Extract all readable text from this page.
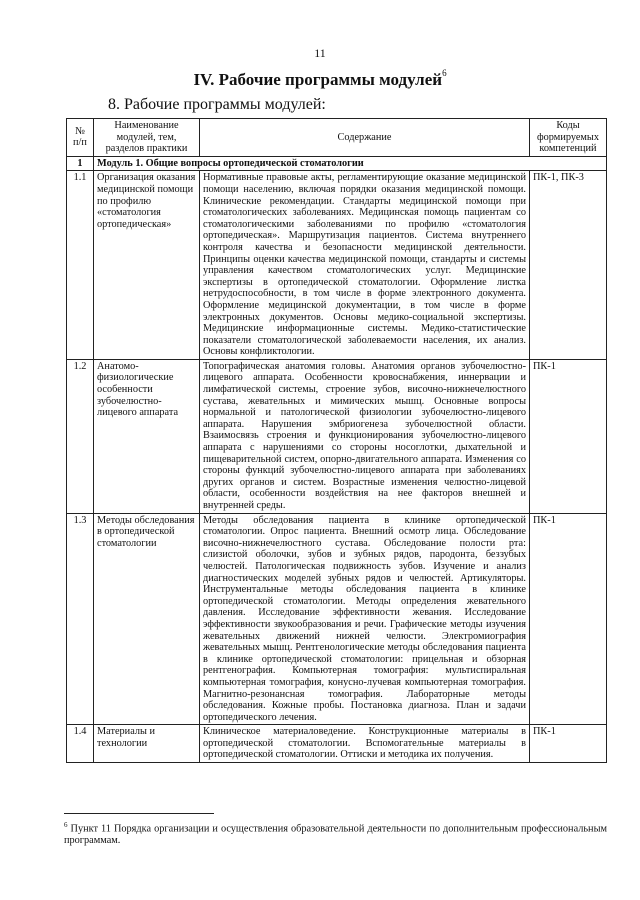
11
IV. Рабочие программы модулей$^6$
8. Рабочие программы модулей:
№ п/п	Наименование модулей, тем, разделов практики	Содержание	Коды формируемых компетенций
1	Модуль 1. Общие вопросы ортопедической стоматологии		
1.1	Организация оказания медицинской помощи по профилю «стоматология ортопедическая»	Нормативные правовые акты, регламентирующие оказание медицинской помощи населению, включая порядки оказания медицинской помощи. Клинические рекомендации. Стандарты медицинской помощи при стоматологических заболеваниях. Медицинская помощь пациентам со стоматологическими заболеваниями по профилю «стоматология ортопедическая». Маршрутизация пациентов. Система внутреннего контроля качества и безопасности медицинской деятельности. Принципы оценки качества медицинской помощи, стандарты и системы управления качеством стоматологических услуг. Медицинские экспертизы в ортопедической стоматологии. Оформление листка нетрудоспособности, в том числе в форме электронного документа. Оформление медицинской документации, в том числе в форме электронных документов. Основы медико-социальной экспертизы. Медицинские информационные системы. Медико-статистические показатели стоматологической заболеваемости населения, их анализ. Основы конфликтологии.	ПК-1, ПК-3
1.2	Анатомо-физиологические особенности зубочелюстно-лицевого аппарата	Топографическая анатомия головы. Анатомия органов зубочелюстно-лицевого аппарата. Особенности кровоснабжения, иннервации и лимфатической системы, строение зубов, височно-нижнечелюстного сустава, жевательных и мимических мышц. Основные вопросы нормальной и патологической физиологии зубочелюстно-лицевого аппарата. Нарушения эмбриогенеза зубочелюстной области. Взаимосвязь строения и функционирования зубочелюстно-лицевого аппарата с нарушениями со стороны носоглотки, дыхательной и пищеварительной систем, опорно-двигательного аппарата. Изменения со стороны функций зубочелюстно-лицевого аппарата при заболеваниях других органов и систем. Возрастные изменения челюстно-лицевой области, особенности воздействия на нее факторов внешней и внутренней среды.	ПК-1
1.3	Методы обследования в ортопедической стоматологии	Методы обследования пациента в клинике ортопедической стоматологии. Опрос пациента. Внешний осмотр лица. Обследование височно-нижнечелюстного сустава. Обследование полости рта: слизистой оболочки, зубов и зубных рядов, пародонта, беззубых челюстей. Патологическая подвижность зубов. Изучение и анализ диагностических моделей зубных рядов и челюстей. Артикуляторы. Инструментальные методы обследования пациента в клинике ортопедической стоматологии. Методы определения жевательного давления. Исследование эффективности жевания. Исследование эффективности звукообразования и речи. Графические методы изучения жевательных движений нижней челюсти. Электромиография жевательных мышц. Рентгенологические методы обследования пациента в клинике ортопедической стоматологии: прицельная и обзорная рентгенография. Компьютерная томография: мультиспиральная компьютерная томография, конусно-лучевая компьютерная томография. Магнитно-резонансная томография. Лабораторные методы обследования. Кожные пробы. Постановка диагноза. План и задачи ортопедического лечения.	ПК-1
1.4	Материалы и технологии	Клиническое материаловедение. Конструкционные материалы в ортопедической стоматологии. Вспомогательные материалы в ортопедической стоматологии. Оттиски и методика их получения.	ПК-1
$^6$ Пункт 11 Порядка организации и осуществления образовательной деятельности по дополнительным профессиональным программам.
